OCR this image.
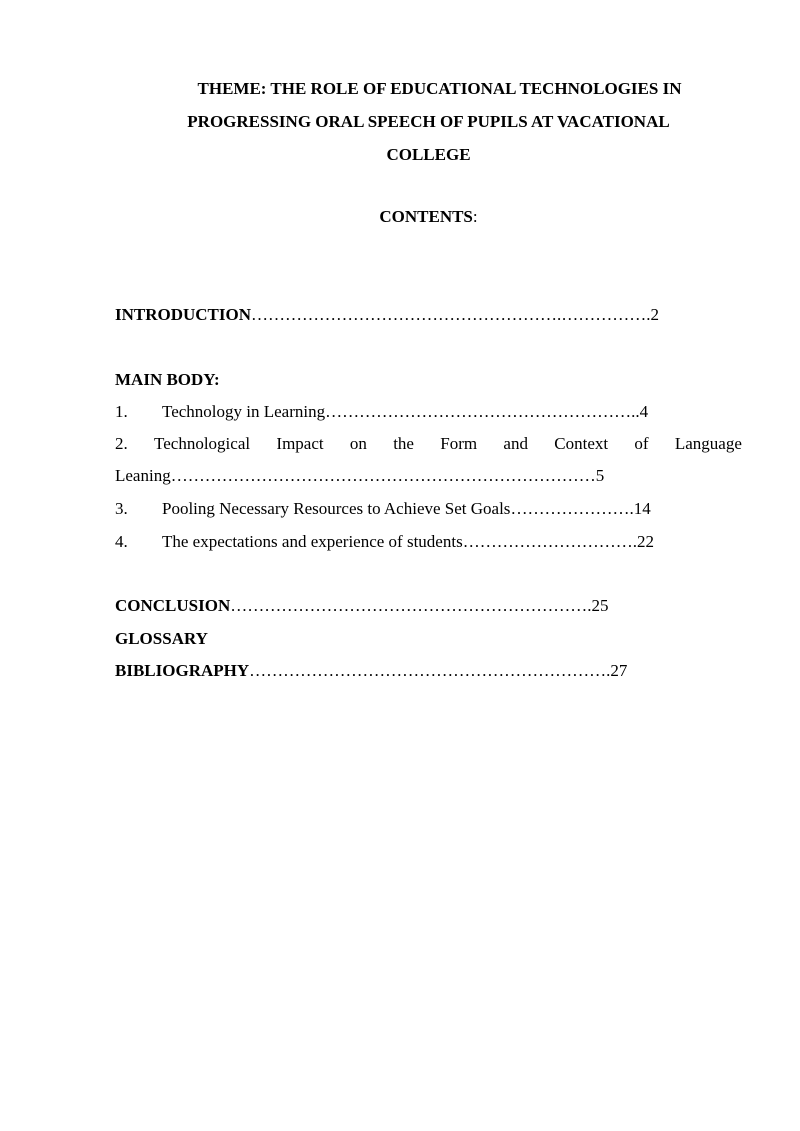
THEME: THE ROLE OF EDUCATIONAL TECHNOLOGIES IN
PROGRESSING ORAL SPEECH OF PUPILS AT VACATIONAL
COLLEGE
CONTENTS:
INTRODUCTION……………………………………………….…………….2
MAIN BODY:
1. Technology in Learning………………………………………………..4
2. Technological Impact on the Form and Context of Language
Leaning…………………………………………………………………5
3. Pooling Necessary Resources to Achieve Set Goals………………….14
4. The expectations and experience of students………………………….22
CONCLUSION……………………………………………………….25
GLOSSARY
BIBLIOGRAPHY……………………………………………………….27
